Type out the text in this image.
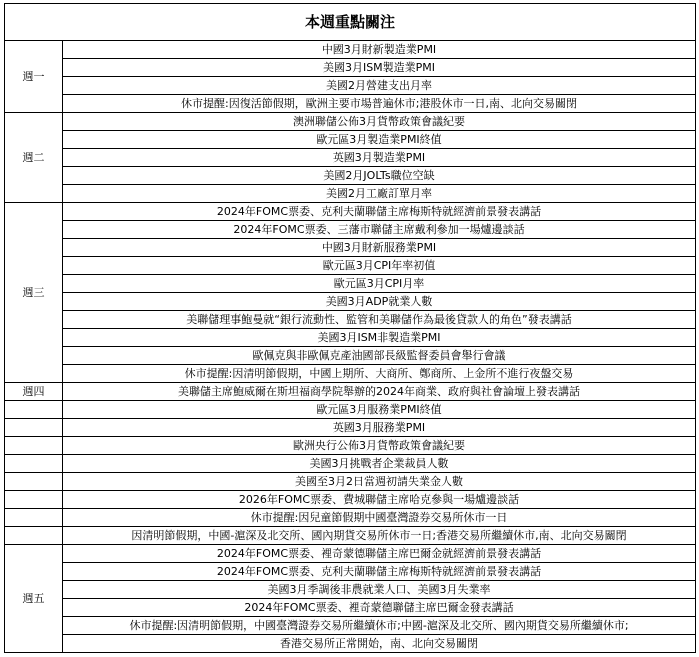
本週重點關注	
週一	中國3月財新製造業PMI
	美國3月ISM製造業PMI
	美國2月營建支出月率
	休市提醒:因復活節假期，歐洲主要市場普遍休市;港股休市一日,南、北向交易關閉
週二	澳洲聯儲公佈3月貨幣政策會議紀要
	歐元區3月製造業PMI終值
	英國3月製造業PMI
	美國2月JOLTs職位空缺
	美國2月工廠訂單月率
週三	2024年FOMC票委、克利夫蘭聯儲主席梅斯特就經濟前景發表講話
	2024年FOMC票委、三藩市聯儲主席戴利參加一場爐邊談話
	中國3月財新服務業PMI
	歐元區3月CPI年率初值
	歐元區3月CPI月率
	美國3月ADP就業人數
	美聯儲理事鮑曼就“銀行流動性、監管和美聯儲作為最後貸款人的角色”發表講話
	美國3月ISM非製造業PMI
	歐佩克與非歐佩克產油國部長級監督委員會舉行會議
	休市提醒:因清明節假期，中國上期所、大商所、鄭商所、上金所不進行夜盤交易
週四	美聯儲主席鮑威爾在斯坦福商學院舉辦的2024年商業、政府與社會論壇上發表講話
	歐元區3月服務業PMI終值
	英國3月服務業PMI
	歐洲央行公佈3月貨幣政策會議紀要
	美國3月挑戰者企業裁員人數
	美國至3月2日當週初請失業金人數
	2026年FOMC票委、費城聯儲主席哈克參與一場爐邊談話
	休市提醒:因兒童節假期中國臺灣證券交易所休市一日
	因清明節假期，中國-滬深及北交所、國內期貨交易所休市一日;香港交易所繼續休市,南、北向交易關閉
週五	2024年FOMC票委、裡奇蒙德聯儲主席巴爾金就經濟前景發表講話
	2024年FOMC票委、克利夫蘭聯儲主席梅斯特就經濟前景發表講話
	美國3月季調後非農就業人口、美國3月失業率
	2024年FOMC票委、裡奇蒙德聯儲主席巴爾金發表講話
	休市提醒:因清明節假期，中國臺灣證券交易所繼續休市;中國-滬深及北交所、國內期貨交易所繼續休市;
	香港交易所正常開始，南、北向交易關閉
